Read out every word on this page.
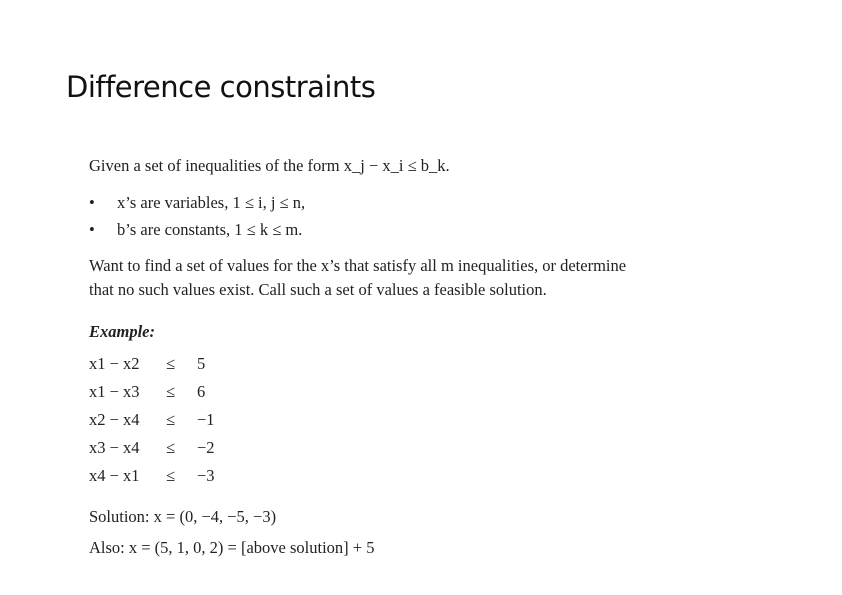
Difference constraints
Given a set of inequalities of the form x_j − x_i ≤ b_k.
• x’s are variables, 1 ≤ i, j ≤ n,
• b’s are constants, 1 ≤ k ≤ m.
Want to find a set of values for the x’s that satisfy all m inequalities, or determine
that no such values exist. Call such a set of values a feasible solution.
Example:
x1 − x2 ≤ 5
x1 − x3 ≤ 6
x2 − x4 ≤ −1
x3 − x4 ≤ −2
x4 − x1 ≤ −3
Solution: x = (0, −4, −5, −3)
Also: x = (5, 1, 0, 2) = [above solution] + 5
